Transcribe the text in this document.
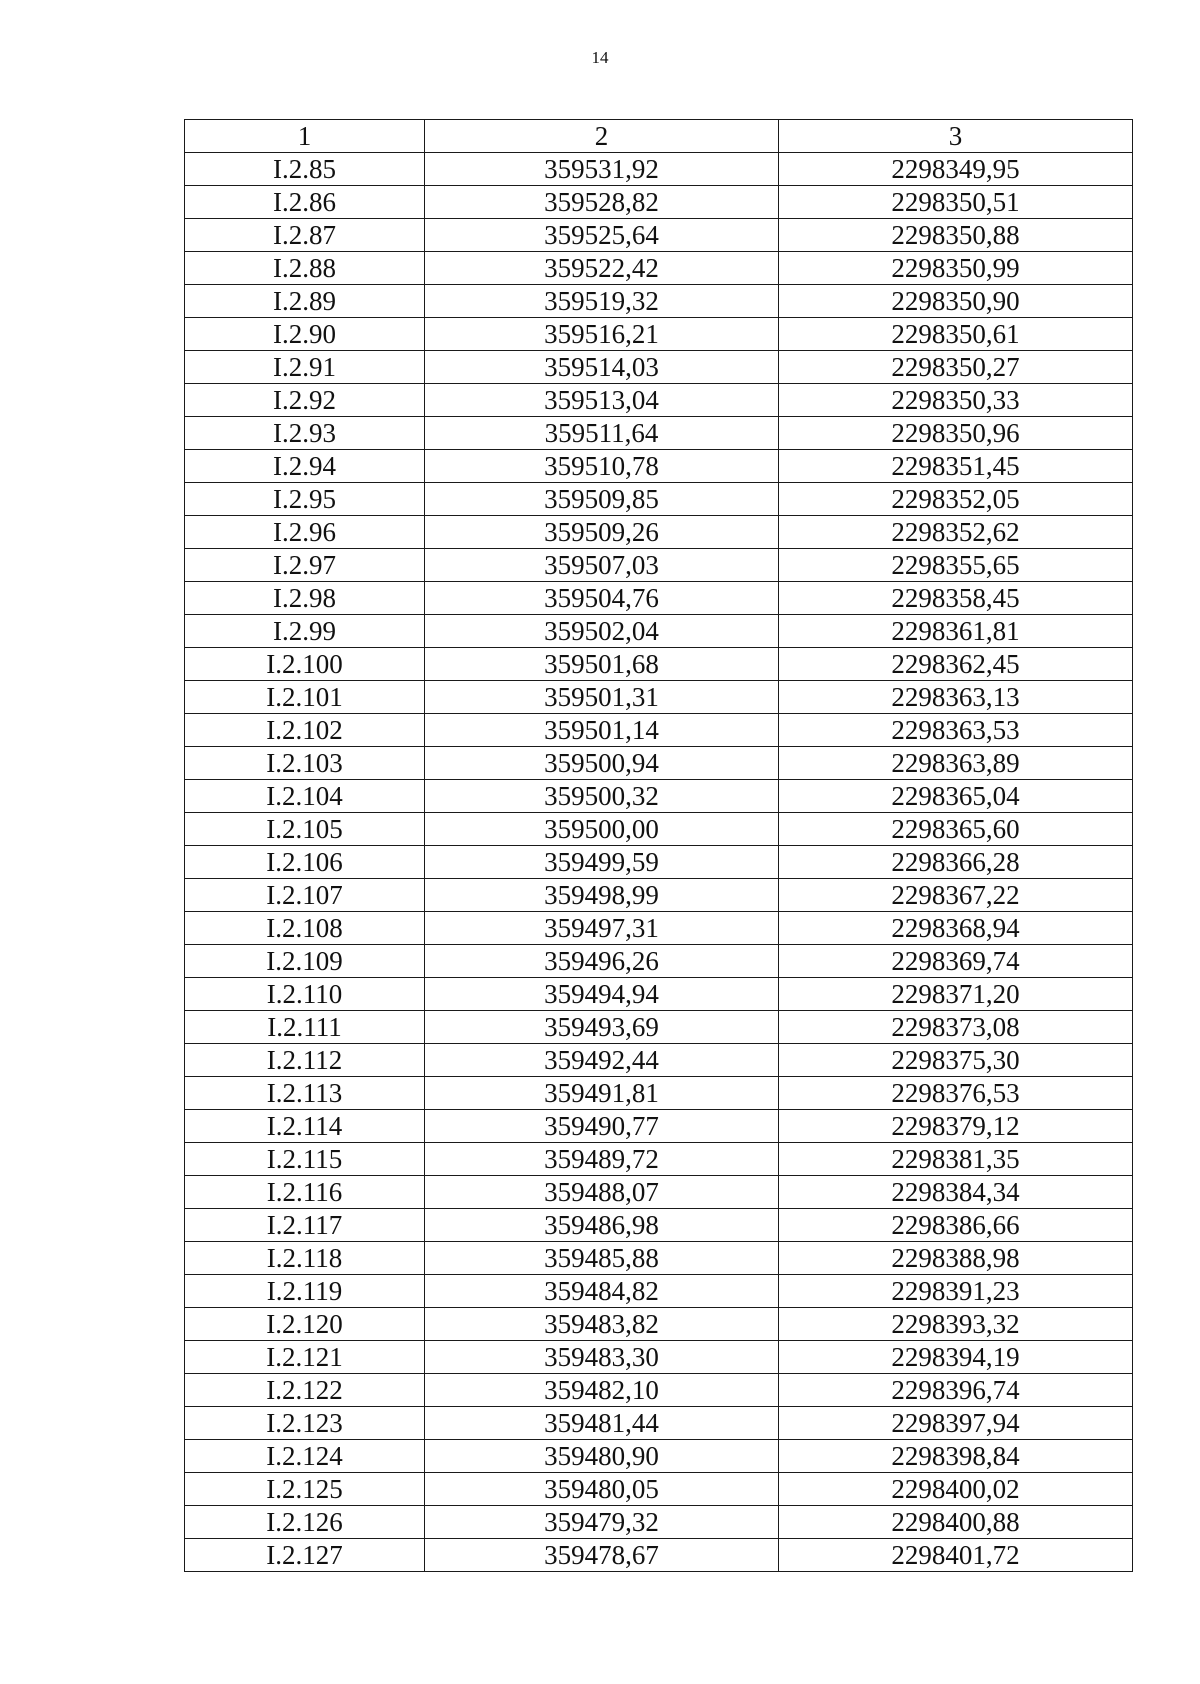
14
1	2	3
I.2.85	359531,92	2298349,95
I.2.86	359528,82	2298350,51
I.2.87	359525,64	2298350,88
I.2.88	359522,42	2298350,99
I.2.89	359519,32	2298350,90
I.2.90	359516,21	2298350,61
I.2.91	359514,03	2298350,27
I.2.92	359513,04	2298350,33
I.2.93	359511,64	2298350,96
I.2.94	359510,78	2298351,45
I.2.95	359509,85	2298352,05
I.2.96	359509,26	2298352,62
I.2.97	359507,03	2298355,65
I.2.98	359504,76	2298358,45
I.2.99	359502,04	2298361,81
I.2.100	359501,68	2298362,45
I.2.101	359501,31	2298363,13
I.2.102	359501,14	2298363,53
I.2.103	359500,94	2298363,89
I.2.104	359500,32	2298365,04
I.2.105	359500,00	2298365,60
I.2.106	359499,59	2298366,28
I.2.107	359498,99	2298367,22
I.2.108	359497,31	2298368,94
I.2.109	359496,26	2298369,74
I.2.110	359494,94	2298371,20
I.2.111	359493,69	2298373,08
I.2.112	359492,44	2298375,30
I.2.113	359491,81	2298376,53
I.2.114	359490,77	2298379,12
I.2.115	359489,72	2298381,35
I.2.116	359488,07	2298384,34
I.2.117	359486,98	2298386,66
I.2.118	359485,88	2298388,98
I.2.119	359484,82	2298391,23
I.2.120	359483,82	2298393,32
I.2.121	359483,30	2298394,19
I.2.122	359482,10	2298396,74
I.2.123	359481,44	2298397,94
I.2.124	359480,90	2298398,84
I.2.125	359480,05	2298400,02
I.2.126	359479,32	2298400,88
I.2.127	359478,67	2298401,72
